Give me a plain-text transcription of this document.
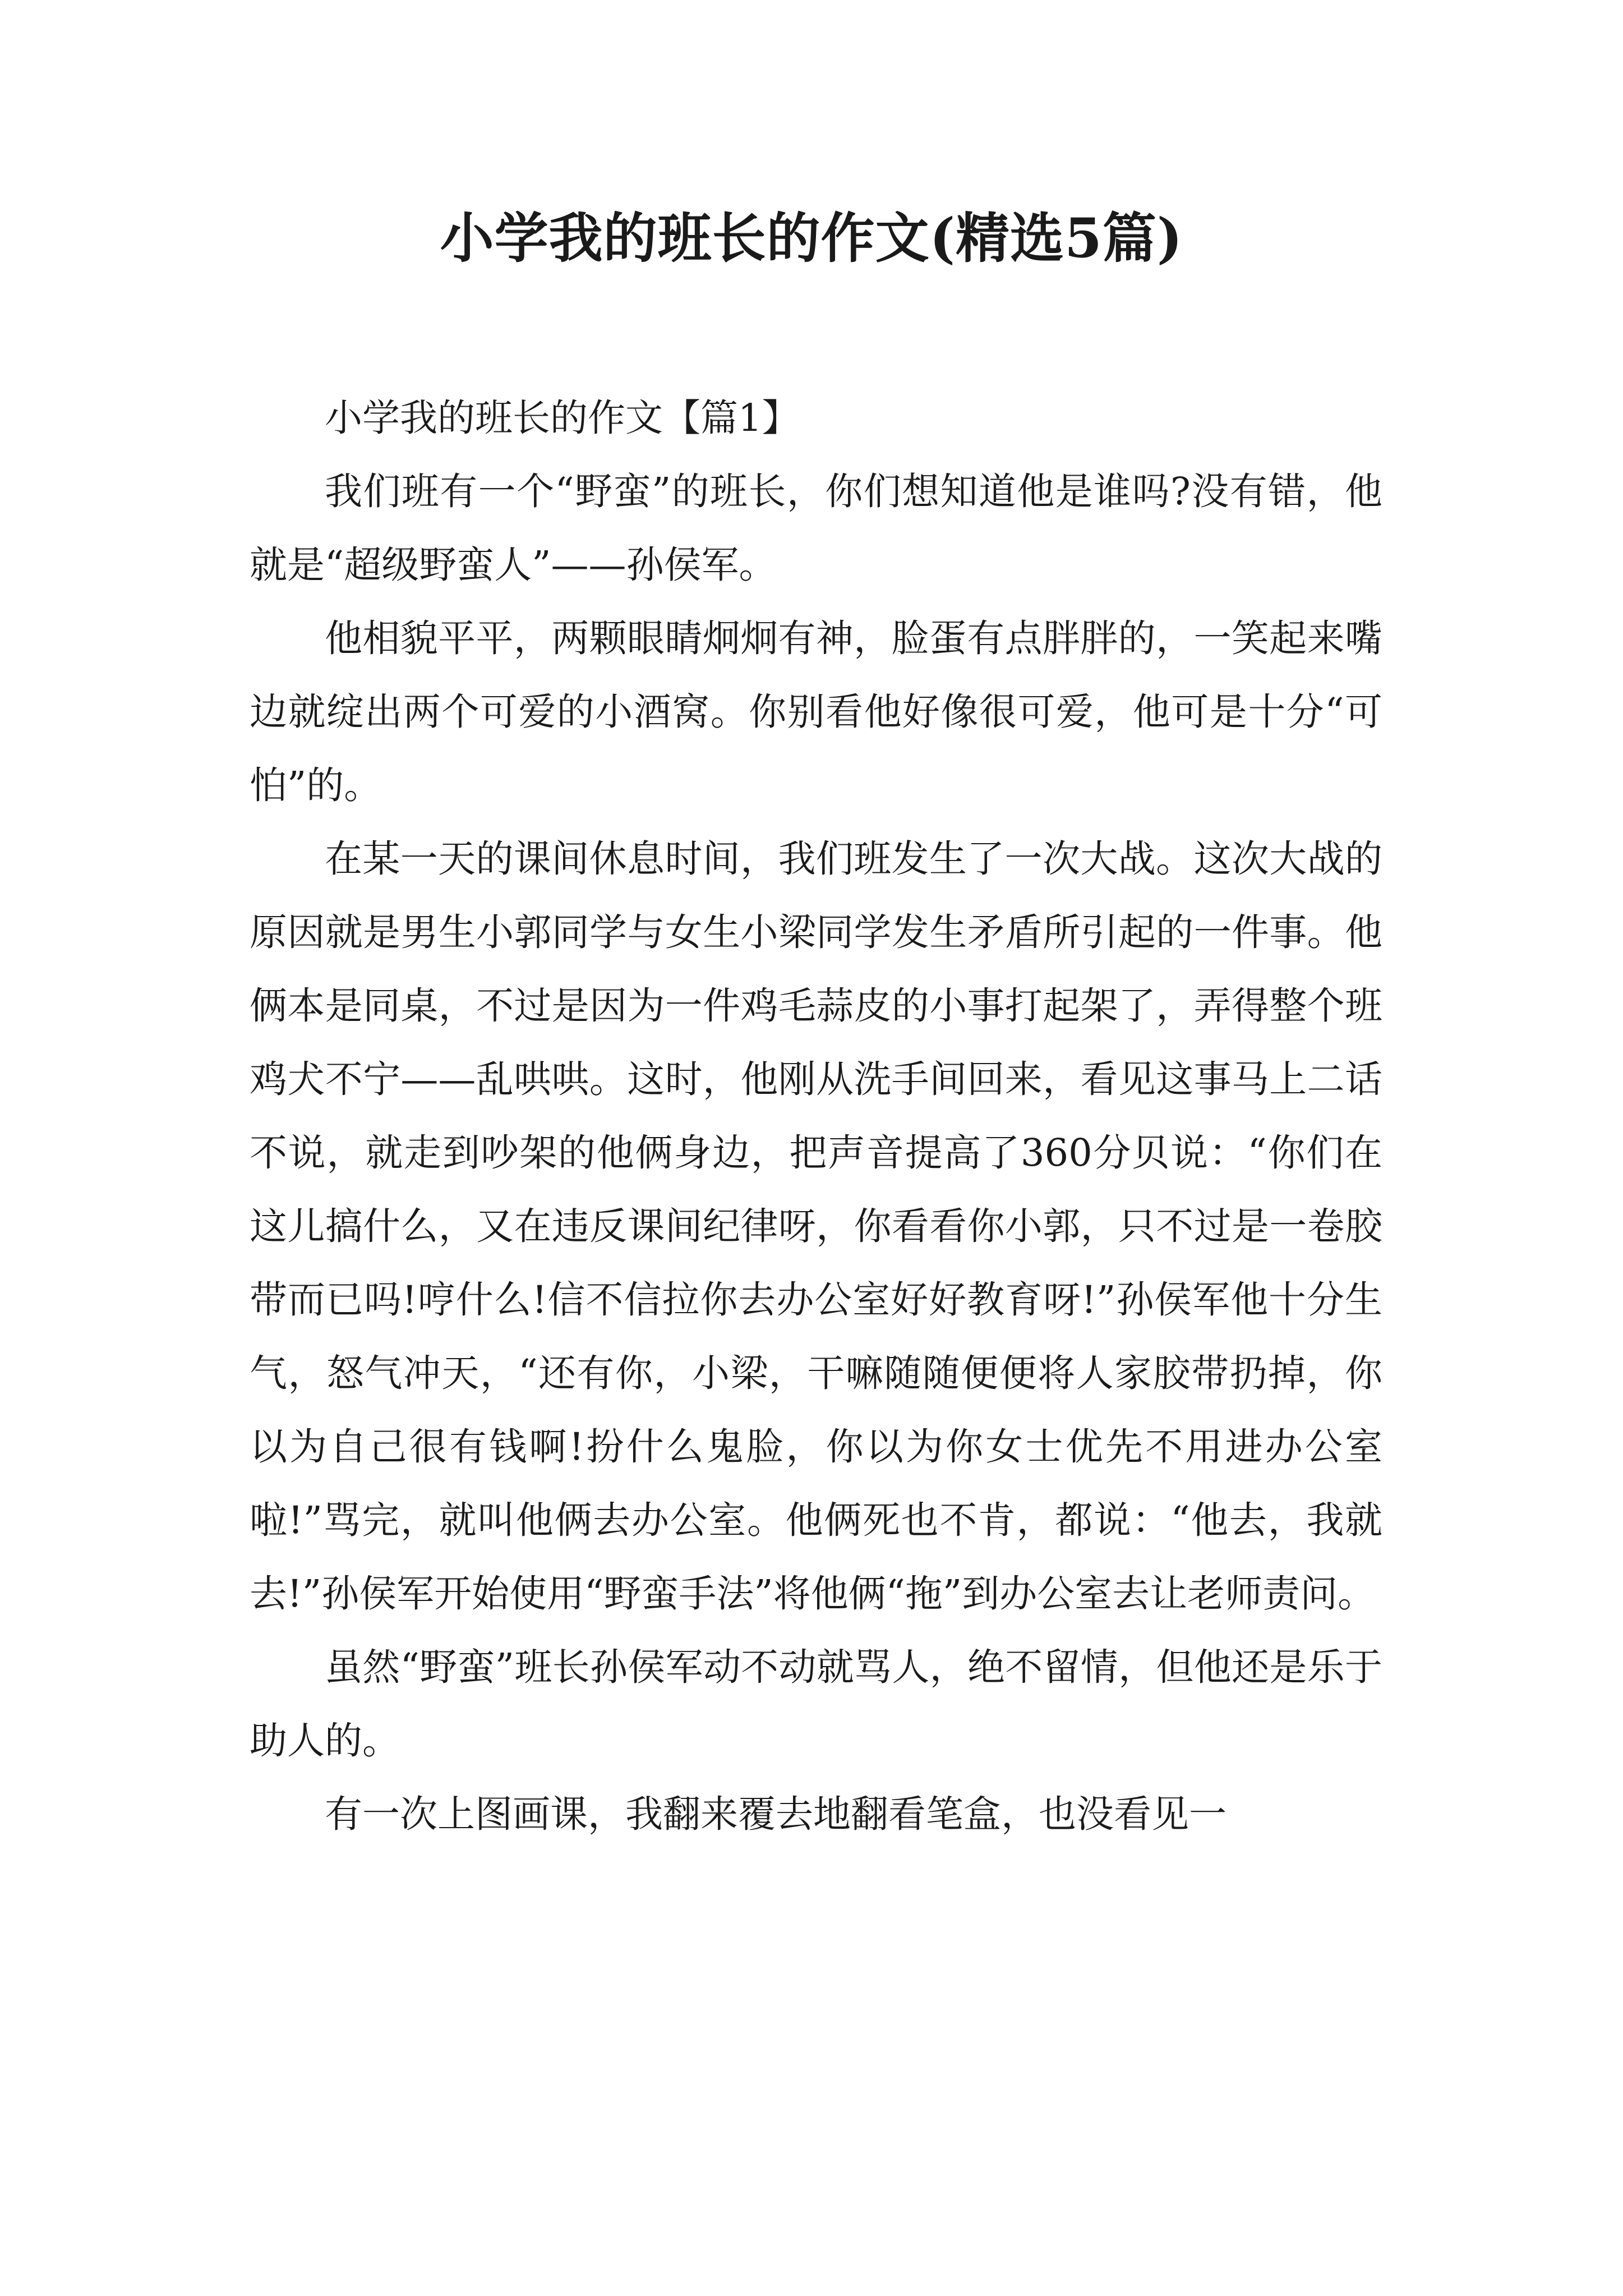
小学我的班长的作文(精选5篇)

小学我的班长的作文【篇1】

我们班有一个“野蛮”的班长，你们想知道他是谁吗?没有错，他就是“超级野蛮人”——孙侯军。

他相貌平平，两颗眼睛炯炯有神，脸蛋有点胖胖的，一笑起来嘴边就绽出两个可爱的小酒窝。你别看他好像很可爱，他可是十分“可怕”的。

在某一天的课间休息时间，我们班发生了一次大战。这次大战的原因就是男生小郭同学与女生小梁同学发生矛盾所引起的一件事。他俩本是同桌，不过是因为一件鸡毛蒜皮的小事打起架了，弄得整个班鸡犬不宁——乱哄哄。这时，他刚从洗手间回来，看见这事马上二话不说，就走到吵架的他俩身边，把声音提高了360分贝说：“你们在这儿搞什么，又在违反课间纪律呀，你看看你小郭，只不过是一卷胶带而已吗!哼什么!信不信拉你去办公室好好教育呀!”孙侯军他十分生气，怒气冲天，“还有你，小梁，干嘛随随便便将人家胶带扔掉，你以为自己很有钱啊!扮什么鬼脸，你以为你女士优先不用进办公室啦!”骂完，就叫他俩去办公室。他俩死也不肯，都说：“他去，我就去!”孙侯军开始使用“野蛮手法”将他俩“拖”到办公室去让老师责问。

虽然“野蛮”班长孙侯军动不动就骂人，绝不留情，但他还是乐于助人的。

有一次上图画课，我翻来覆去地翻看笔盒，也没看见一
